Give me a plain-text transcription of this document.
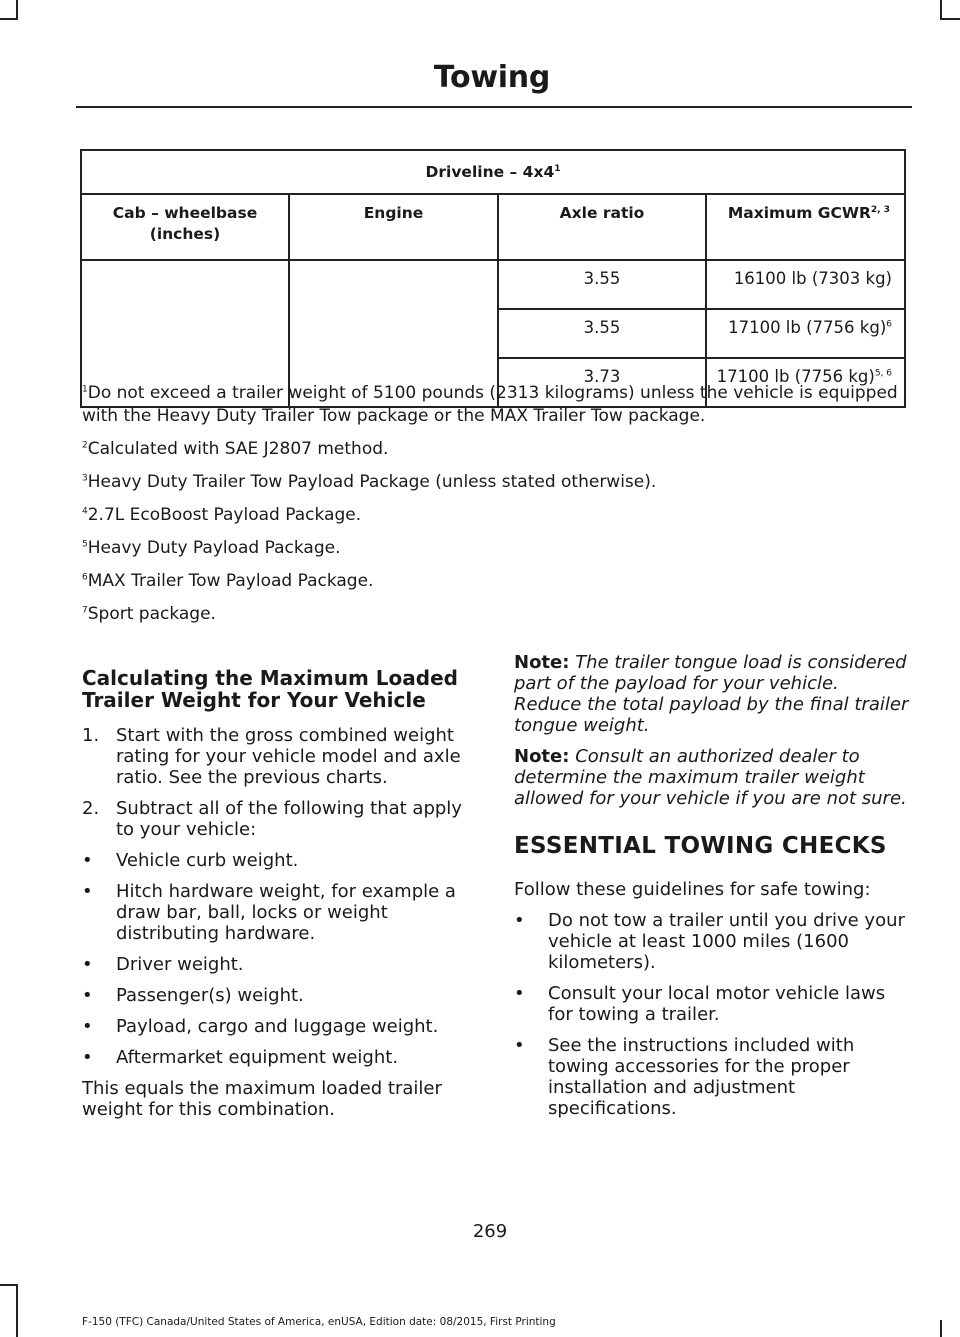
Towing
Driveline – $4x4^1$
Cab – wheelbase (inches)	Engine	Axle ratio	Maximum GCWR$^{2, 3}$
		3.55	16100 lb (7303 kg)
		3.55	17100 lb (7756 kg)$^6$
		3.73	17100 lb (7756 kg)$^{5, 6}$

$^1$Do not exceed a trailer weight of 5100 pounds (2313 kilograms) unless the vehicle is equipped with the Heavy Duty Trailer Tow package or the MAX Trailer Tow package.

$^2$Calculated with SAE J2807 method.

$^3$Heavy Duty Trailer Tow Payload Package (unless stated otherwise).

$^4$2.7L EcoBoost Payload Package.

$^5$Heavy Duty Payload Package.

$^6$MAX Trailer Tow Payload Package.

$^7$Sport package.

Calculating the Maximum Loaded Trailer Weight for Your Vehicle
1. Start with the gross combined weight rating for your vehicle model and axle ratio. See the previous charts.
2. Subtract all of the following that apply to your vehicle:
• Vehicle curb weight.
• Hitch hardware weight, for example a draw bar, ball, locks or weight distributing hardware.
• Driver weight.
• Passenger(s) weight.
• Payload, cargo and luggage weight.
• Aftermarket equipment weight.

This equals the maximum loaded trailer weight for this combination.

Note: The trailer tongue load is considered part of the payload for your vehicle. Reduce the total payload by the final trailer tongue weight.

Note: Consult an authorized dealer to determine the maximum trailer weight allowed for your vehicle if you are not sure.

ESSENTIAL TOWING CHECKS

Follow these guidelines for safe towing:

• Do not tow a trailer until you drive your vehicle at least 1000 miles (1600 kilometers).
• Consult your local motor vehicle laws for towing a trailer.
• See the instructions included with towing accessories for the proper installation and adjustment specifications.
269
F-150 (TFC) Canada/United States of America, enUSA, Edition date: 08/2015, First Printing
